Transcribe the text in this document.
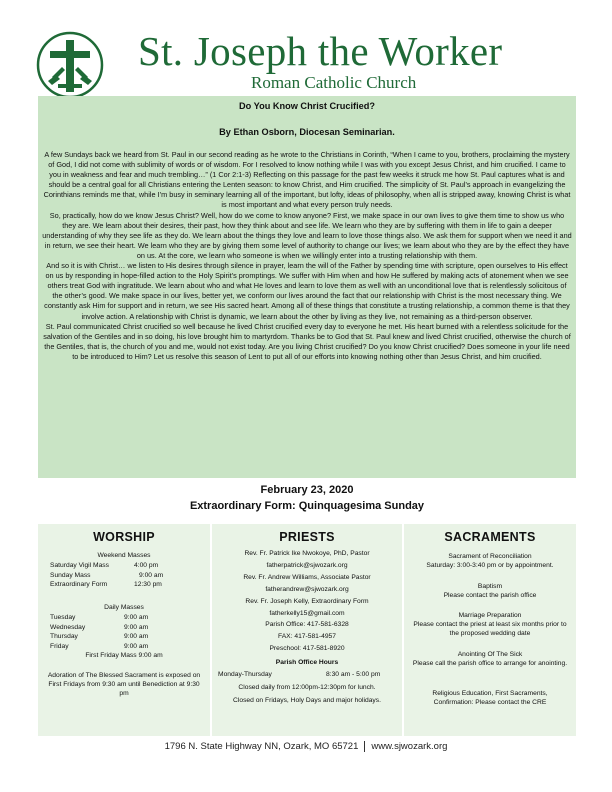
St. Joseph the Worker
Roman Catholic Church
Do You Know Christ Crucified?
By Ethan Osborn, Diocesan Seminarian.

A few Sundays back we heard from St. Paul in our second reading as he wrote to the Christians in Corinth, “When I came to you, brothers, proclaiming the mystery of God, I did not come with sublimity of words or of wisdom. For I resolved to know nothing while I was with you except Jesus Christ, and him crucified. I came to you in weakness and fear and much trembling…” (1 Cor 2:1-3) Reflecting on this passage for the past few weeks it struck me how St. Paul captures what is and should be a central goal for all Christians entering the Lenten season: to know Christ, and Him crucified. The simplicity of St. Paul’s approach in evangelizing the Corinthians reminds me that, while I’m busy in seminary learning all of the important, but lofty, ideas of philosophy, when all is stripped away, knowing Christ is what is most important and what every person truly needs.

So, practically, how do we know Jesus Christ? Well, how do we come to know anyone? First, we make space in our own lives to give them time to show us who they are. We learn about their desires, their past, how they think about and see life. We learn who they are by suffering with them in life to gain a deeper understanding of why they see life as they do. We learn about the things they love and learn to love those things also. We ask them for support when we need it and in return, we see their heart. We learn who they are by giving them some level of authority to change our lives; we learn about who they are by the effect they have on us. At the core, we learn who someone is when we willingly enter into a trusting relationship with them.

And so it is with Christ… we listen to His desires through silence in prayer, learn the will of the Father by spending time with scripture, open ourselves to His effect on us by responding in hope-filled action to the Holy Spirit’s promptings. We suffer with Him when and how He suffered by making acts of atonement when we see others treat God with ingratitude. We learn about who and what He loves and learn to love them as well with an unconditional love that is relentlessly solicitous of the other’s good. We make space in our lives, better yet, we conform our lives around the fact that our relationship with Christ is the most necessary thing. We constantly ask Him for support and in return, we see His sacred heart. Among all of these things that constitute a trusting relationship, a common theme is that they involve action. A relationship with Christ is dynamic, we learn about the other by living as they live, not remaining as a third-person observer.

St. Paul communicated Christ crucified so well because he lived Christ crucified every day to everyone he met. His heart burned with a relentless solicitude for the salvation of the Gentiles and in so doing, his love brought him to martyrdom. Thanks be to God that St. Paul knew and lived Christ crucified, otherwise the church of the Gentiles, that is, the church of you and me, would not exist today. Are you living Christ crucified? Do you know Christ crucified? Does someone in your life need to be introduced to Him? Let us resolve this season of Lent to put all of our efforts into knowing nothing other than Jesus Christ, and him crucified.

February 23, 2020
Extraordinary Form: Quinquagesima Sunday
WORSHIP
Weekend Masses
Saturday Vigil Mass	4:00 pm
Sunday Mass	9:00 am
Extraordinary Form	12:30 pm
Daily Masses
Tuesday	9:00 am
Wednesday	9:00 am
Thursday	9:00 am
Friday	9:00 am
First Friday Mass 9:00 am
Adoration of The Blessed Sacrament is exposed on First Fridays from 9:30 am until Benediction at 9:30 pm
PRIESTS
Rev. Fr. Patrick Ike Nwokoye, PhD, Pastor
fatherpatrick@sjwozark.org
Rev. Fr. Andrew Williams, Associate Pastor
fatherandrew@sjwozark.org
Rev. Fr. Joseph Kelly, Extraordinary Form
fatherkelly15@gmail.com
Parish Office: 417-581-6328
FAX: 417-581-4957
Preschool: 417-581-8920
Parish Office Hours
Monday-Thursday	8:30 am - 5:00 pm
Closed daily from 12:00pm-12:30pm for lunch.
Closed on Fridays, Holy Days and major holidays.
SACRAMENTS
Sacrament of Reconciliation
Saturday: 3:00-3:40 pm or by appointment.
Baptism
Please contact the parish office
Marriage Preparation
Please contact the priest at least six months prior to the proposed wedding date
Anointing Of The Sick
Please call the parish office to arrange for anointing.
Religious Education, First Sacraments,
Confirmation: Please contact the CRE
1796 N. State Highway NN, Ozark, MO 65721 www.sjwozark.org
